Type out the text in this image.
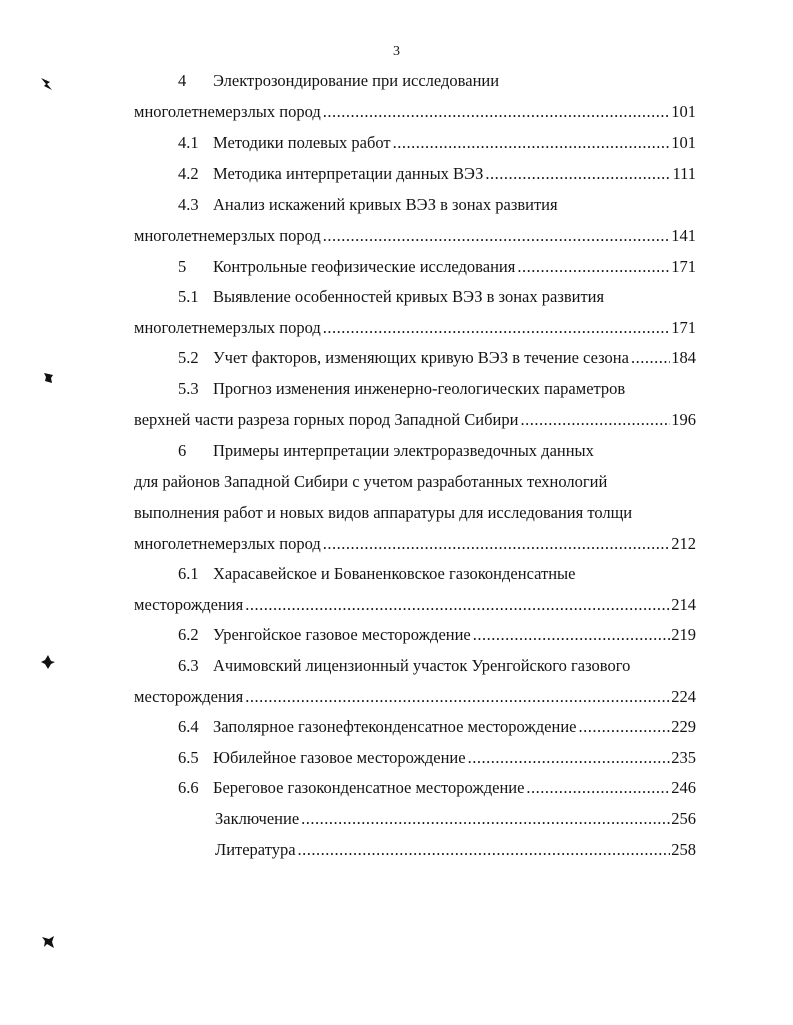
3
4 Электрозондирование при исследовании
многолетнемерзлых пород .....	101
4.1 Методики полевых работ .....	101
4.2 Методика интерпретации данных ВЭЗ .....	111
4.3 Анализ искажений кривых ВЭЗ в зонах развития
многолетнемерзлых пород .....	141
5	Контрольные геофизические исследования .....	171
5.1 Выявление особенностей кривых ВЭЗ в зонах развития
многолетнемерзлых пород .....	171
5.2 Учет факторов, изменяющих кривую ВЭЗ в течение сезона .....	184
5.3 Прогноз изменения инженерно-геологических параметров
верхней части разреза горных пород Западной Сибири .....	196
6 Примеры интерпретации электроразведочных данных
для районов Западной Сибири с учетом разработанных технологий
выполнения работ и новых видов аппаратуры для исследования толщи
многолетнемерзлых пород .....	212
6.1 Харасавейское и Бованенковское газоконденсатные
месторождения .....	214
6.2 Уренгойское газовое месторождение .....	219
6.3 Ачимовский лицензионный участок Уренгойского газового
месторождения .....	224
6.4 Заполярное газонефтеконденсатное месторождение .....	229
6.5 Юбилейное газовое месторождение .....	235
6.6 Береговое газоконденсатное месторождение .....	246
Заключение .....	256
Литература .....	258
